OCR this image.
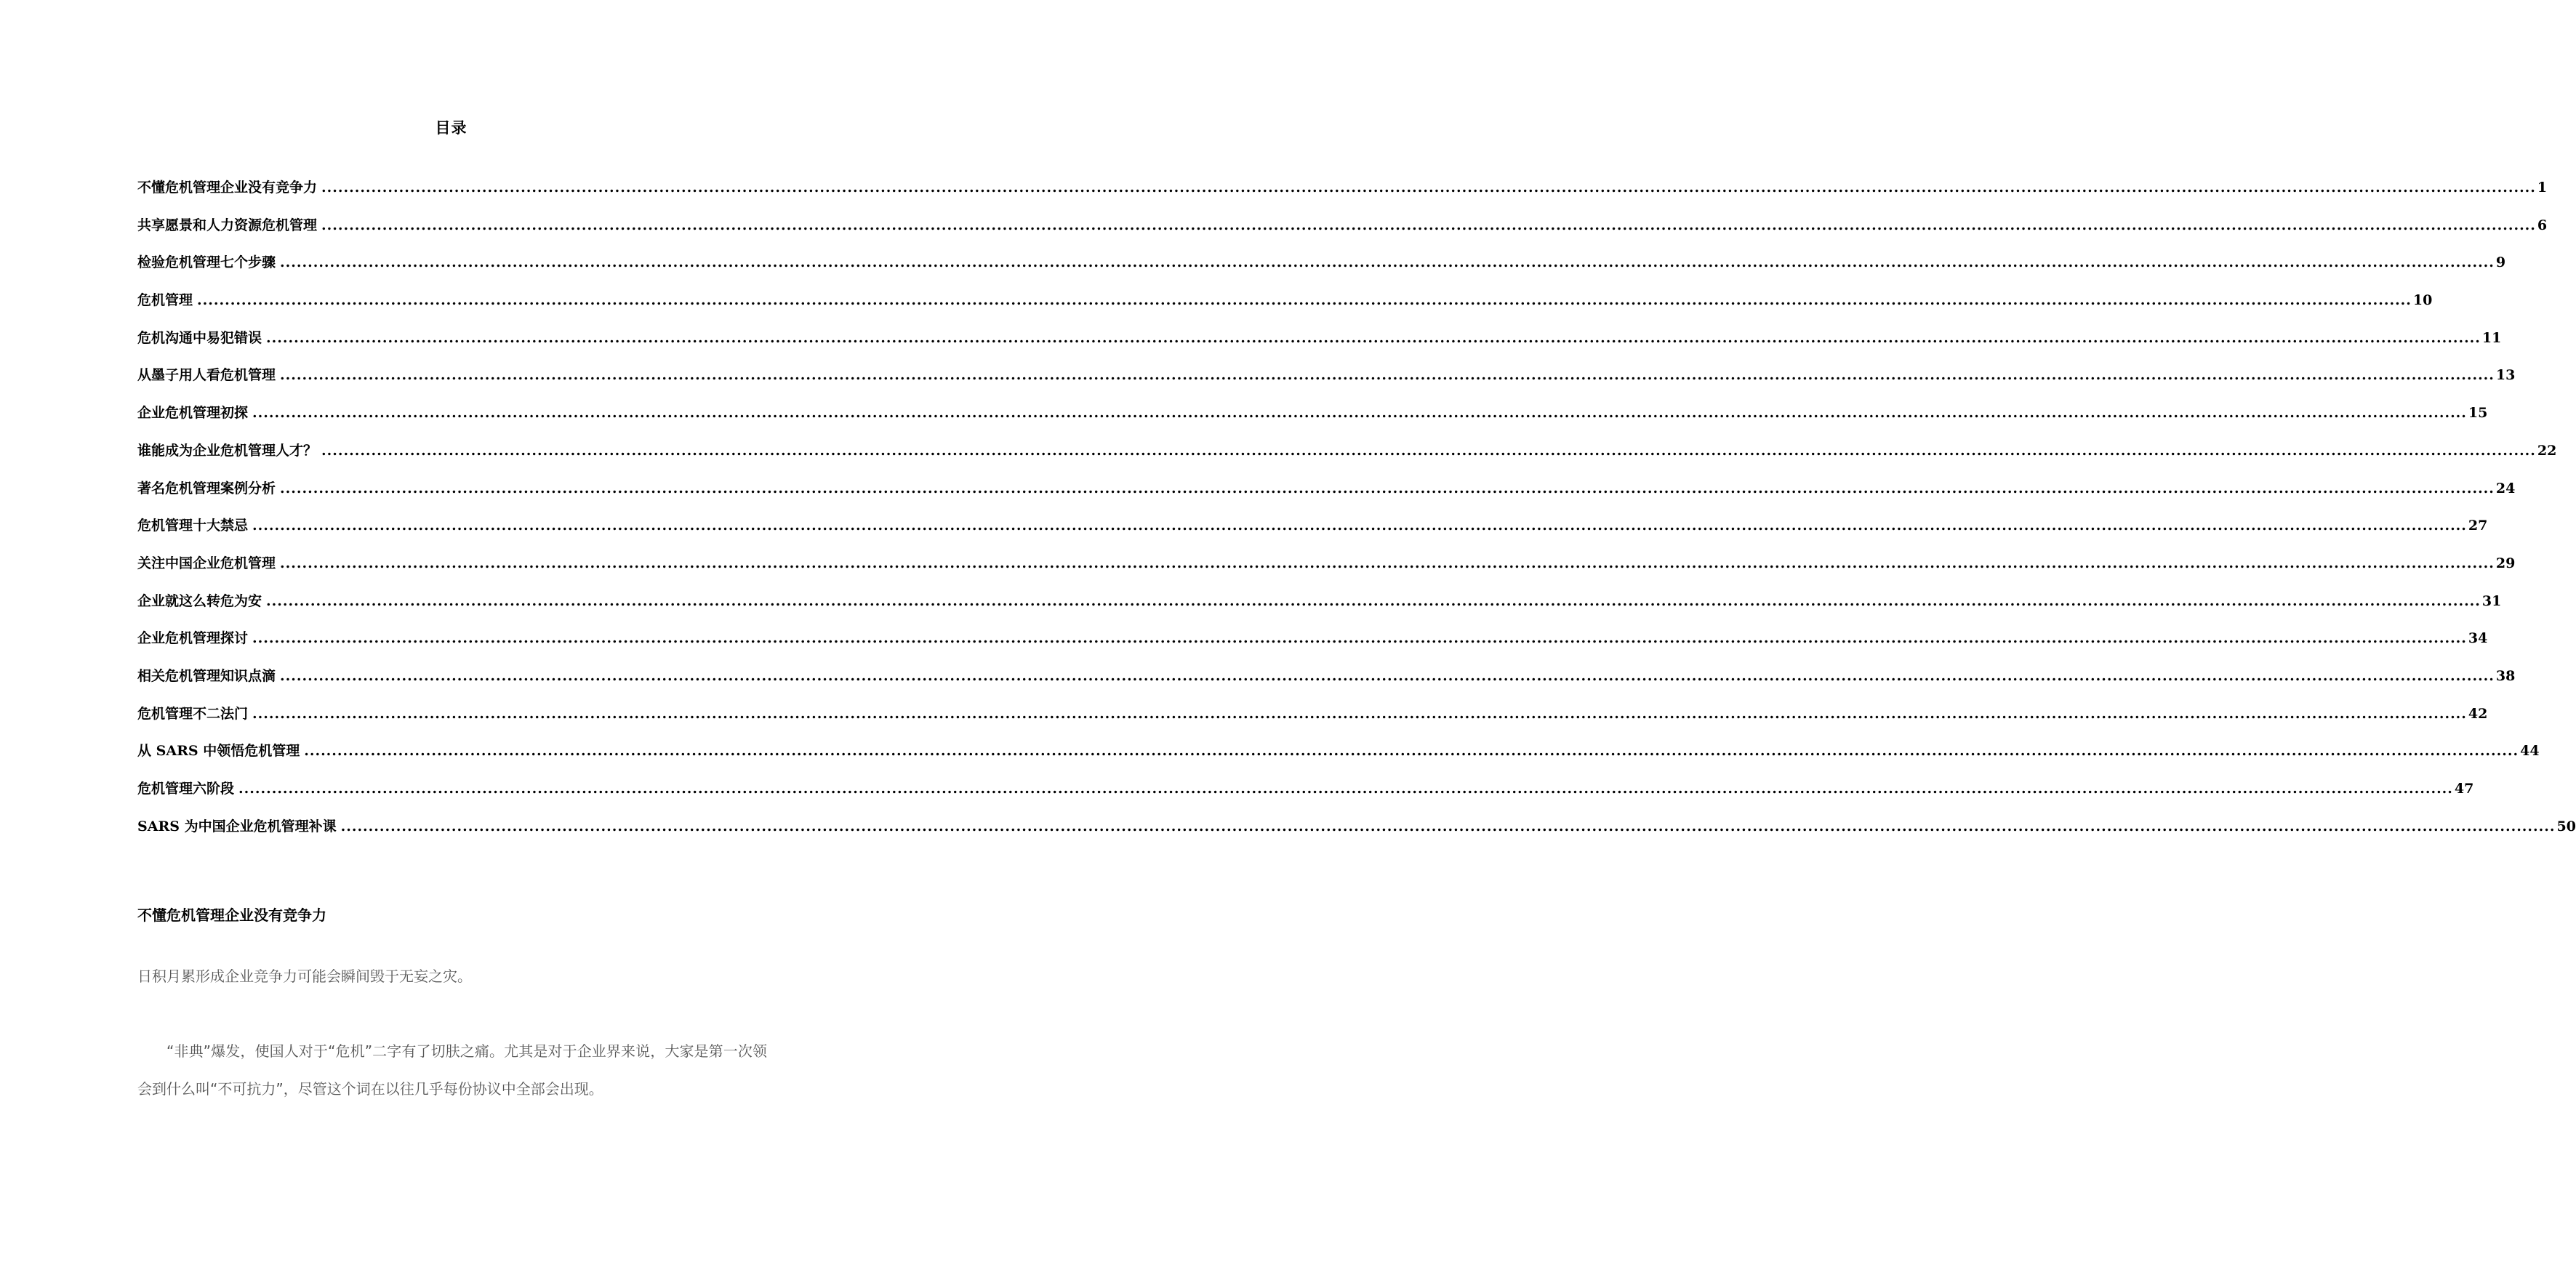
目录
不懂危机管理企业没有竞争力 ................................................................................................................................................................................................................................................................................................................................................................................................................ 1
共享愿景和人力资源危机管理 ................................................................................................................................................................................................................................................................................................................................................................................................................ 6
检验危机管理七个步骤 ................................................................................................................................................................................................................................................................................................................................................................................................................ 9
危机管理 ................................................................................................................................................................................................................................................................................................................................................................................................................ 10
危机沟通中易犯错误 ................................................................................................................................................................................................................................................................................................................................................................................................................ 11
从墨子用人看危机管理 ................................................................................................................................................................................................................................................................................................................................................................................................................ 13
企业危机管理初探 ................................................................................................................................................................................................................................................................................................................................................................................................................ 15
谁能成为企业危机管理人才？ ................................................................................................................................................................................................................................................................................................................................................................................................................ 22
著名危机管理案例分析 ................................................................................................................................................................................................................................................................................................................................................................................................................ 24
危机管理十大禁忌 ................................................................................................................................................................................................................................................................................................................................................................................................................ 27
关注中国企业危机管理 ................................................................................................................................................................................................................................................................................................................................................................................................................ 29
企业就这么转危为安 ................................................................................................................................................................................................................................................................................................................................................................................................................ 31
企业危机管理探讨 ................................................................................................................................................................................................................................................................................................................................................................................................................ 34
相关危机管理知识点滴 ................................................................................................................................................................................................................................................................................................................................................................................................................ 38
危机管理不二法门 ................................................................................................................................................................................................................................................................................................................................................................................................................ 42
从 SARS 中领悟危机管理 ................................................................................................................................................................................................................................................................................................................................................................................................................ 44
危机管理六阶段 ................................................................................................................................................................................................................................................................................................................................................................................................................ 47
SARS 为中国企业危机管理补课 ................................................................................................................................................................................................................................................................................................................................................................................................................ 50
不懂危机管理企业没有竞争力
日积月累形成企业竞争力可能会瞬间毁于无妄之灾。
“非典”爆发，使国人对于“危机”二字有了切肤之痛。尤其是对于企业界来说，大家是第一次领会到什么叫“不可抗力”，尽管这个词在以往几乎每份协议中全部会出现。
